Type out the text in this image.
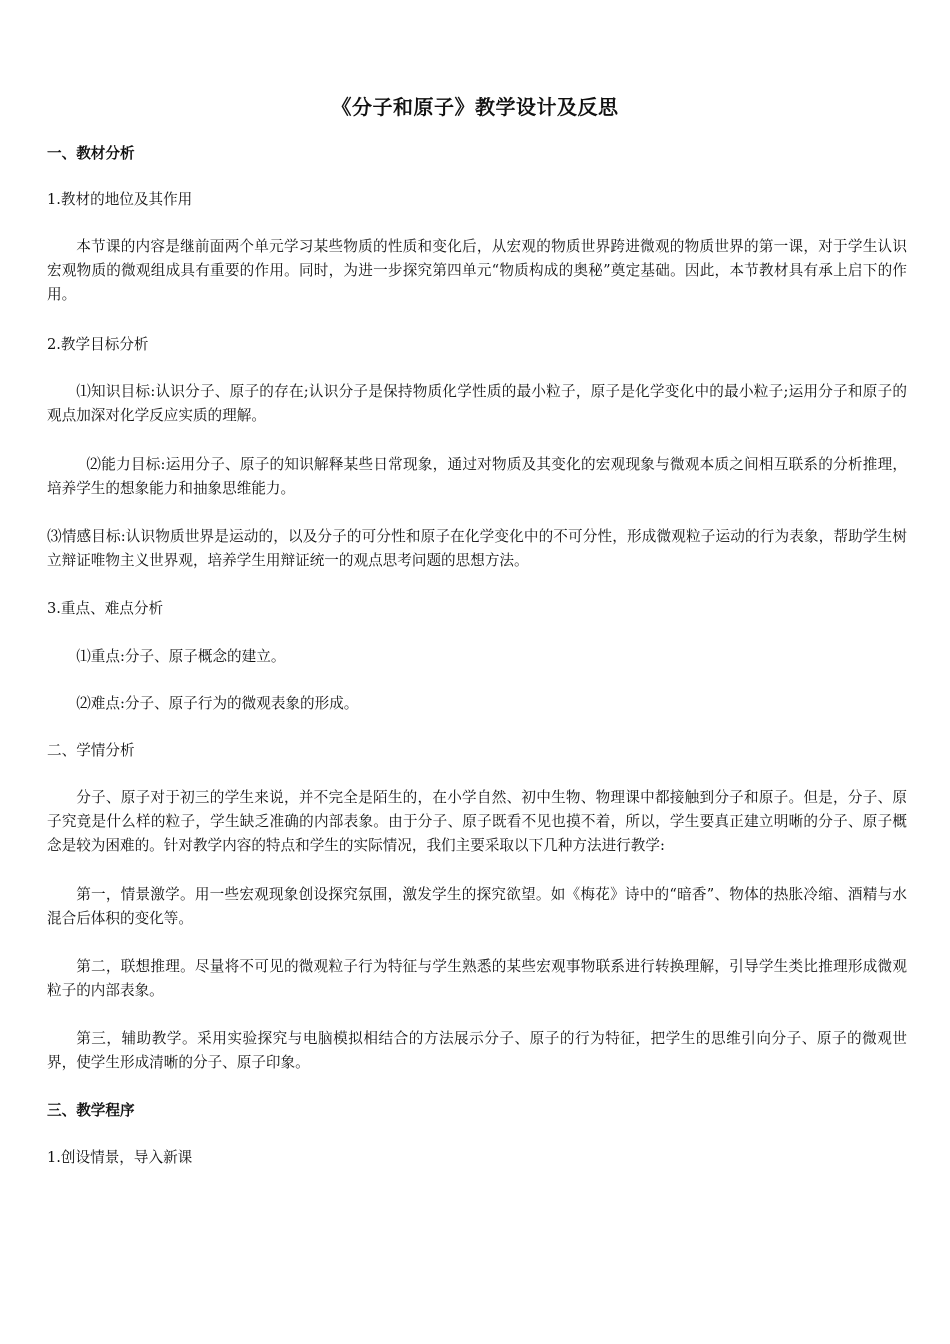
《分子和原子》教学设计及反思
一、教材分析
1.教材的地位及其作用
本节课的内容是继前面两个单元学习某些物质的性质和变化后，从宏观的物质世界跨进微观的物质世界的第一课，对于学生认识宏观物质的微观组成具有重要的作用。同时，为进一步探究第四单元“物质构成的奥秘”奠定基础。因此，本节教材具有承上启下的作用。
2.教学目标分析
⑴知识目标:认识分子、原子的存在;认识分子是保持物质化学性质的最小粒子，原子是化学变化中的最小粒子;运用分子和原子的观点加深对化学反应实质的理解。
⑵能力目标:运用分子、原子的知识解释某些日常现象，通过对物质及其变化的宏观现象与微观本质之间相互联系的分析推理，培养学生的想象能力和抽象思维能力。
⑶情感目标:认识物质世界是运动的，以及分子的可分性和原子在化学变化中的不可分性，形成微观粒子运动的行为表象，帮助学生树立辩证唯物主义世界观，培养学生用辩证统一的观点思考问题的思想方法。
3.重点、难点分析
⑴重点:分子、原子概念的建立。
⑵难点:分子、原子行为的微观表象的形成。
二、学情分析
分子、原子对于初三的学生来说，并不完全是陌生的，在小学自然、初中生物、物理课中都接触到分子和原子。但是，分子、原子究竟是什么样的粒子，学生缺乏准确的内部表象。由于分子、原子既看不见也摸不着，所以，学生要真正建立明晰的分子、原子概念是较为困难的。针对教学内容的特点和学生的实际情况，我们主要采取以下几种方法进行教学:
第一，情景激学。用一些宏观现象创设探究氛围，激发学生的探究欲望。如《梅花》诗中的“暗香”、物体的热胀冷缩、酒精与水混合后体积的变化等。
第二，联想推理。尽量将不可见的微观粒子行为特征与学生熟悉的某些宏观事物联系进行转换理解，引导学生类比推理形成微观粒子的内部表象。
第三，辅助教学。采用实验探究与电脑模拟相结合的方法展示分子、原子的行为特征，把学生的思维引向分子、原子的微观世界，使学生形成清晰的分子、原子印象。
三、教学程序
1.创设情景，导入新课
